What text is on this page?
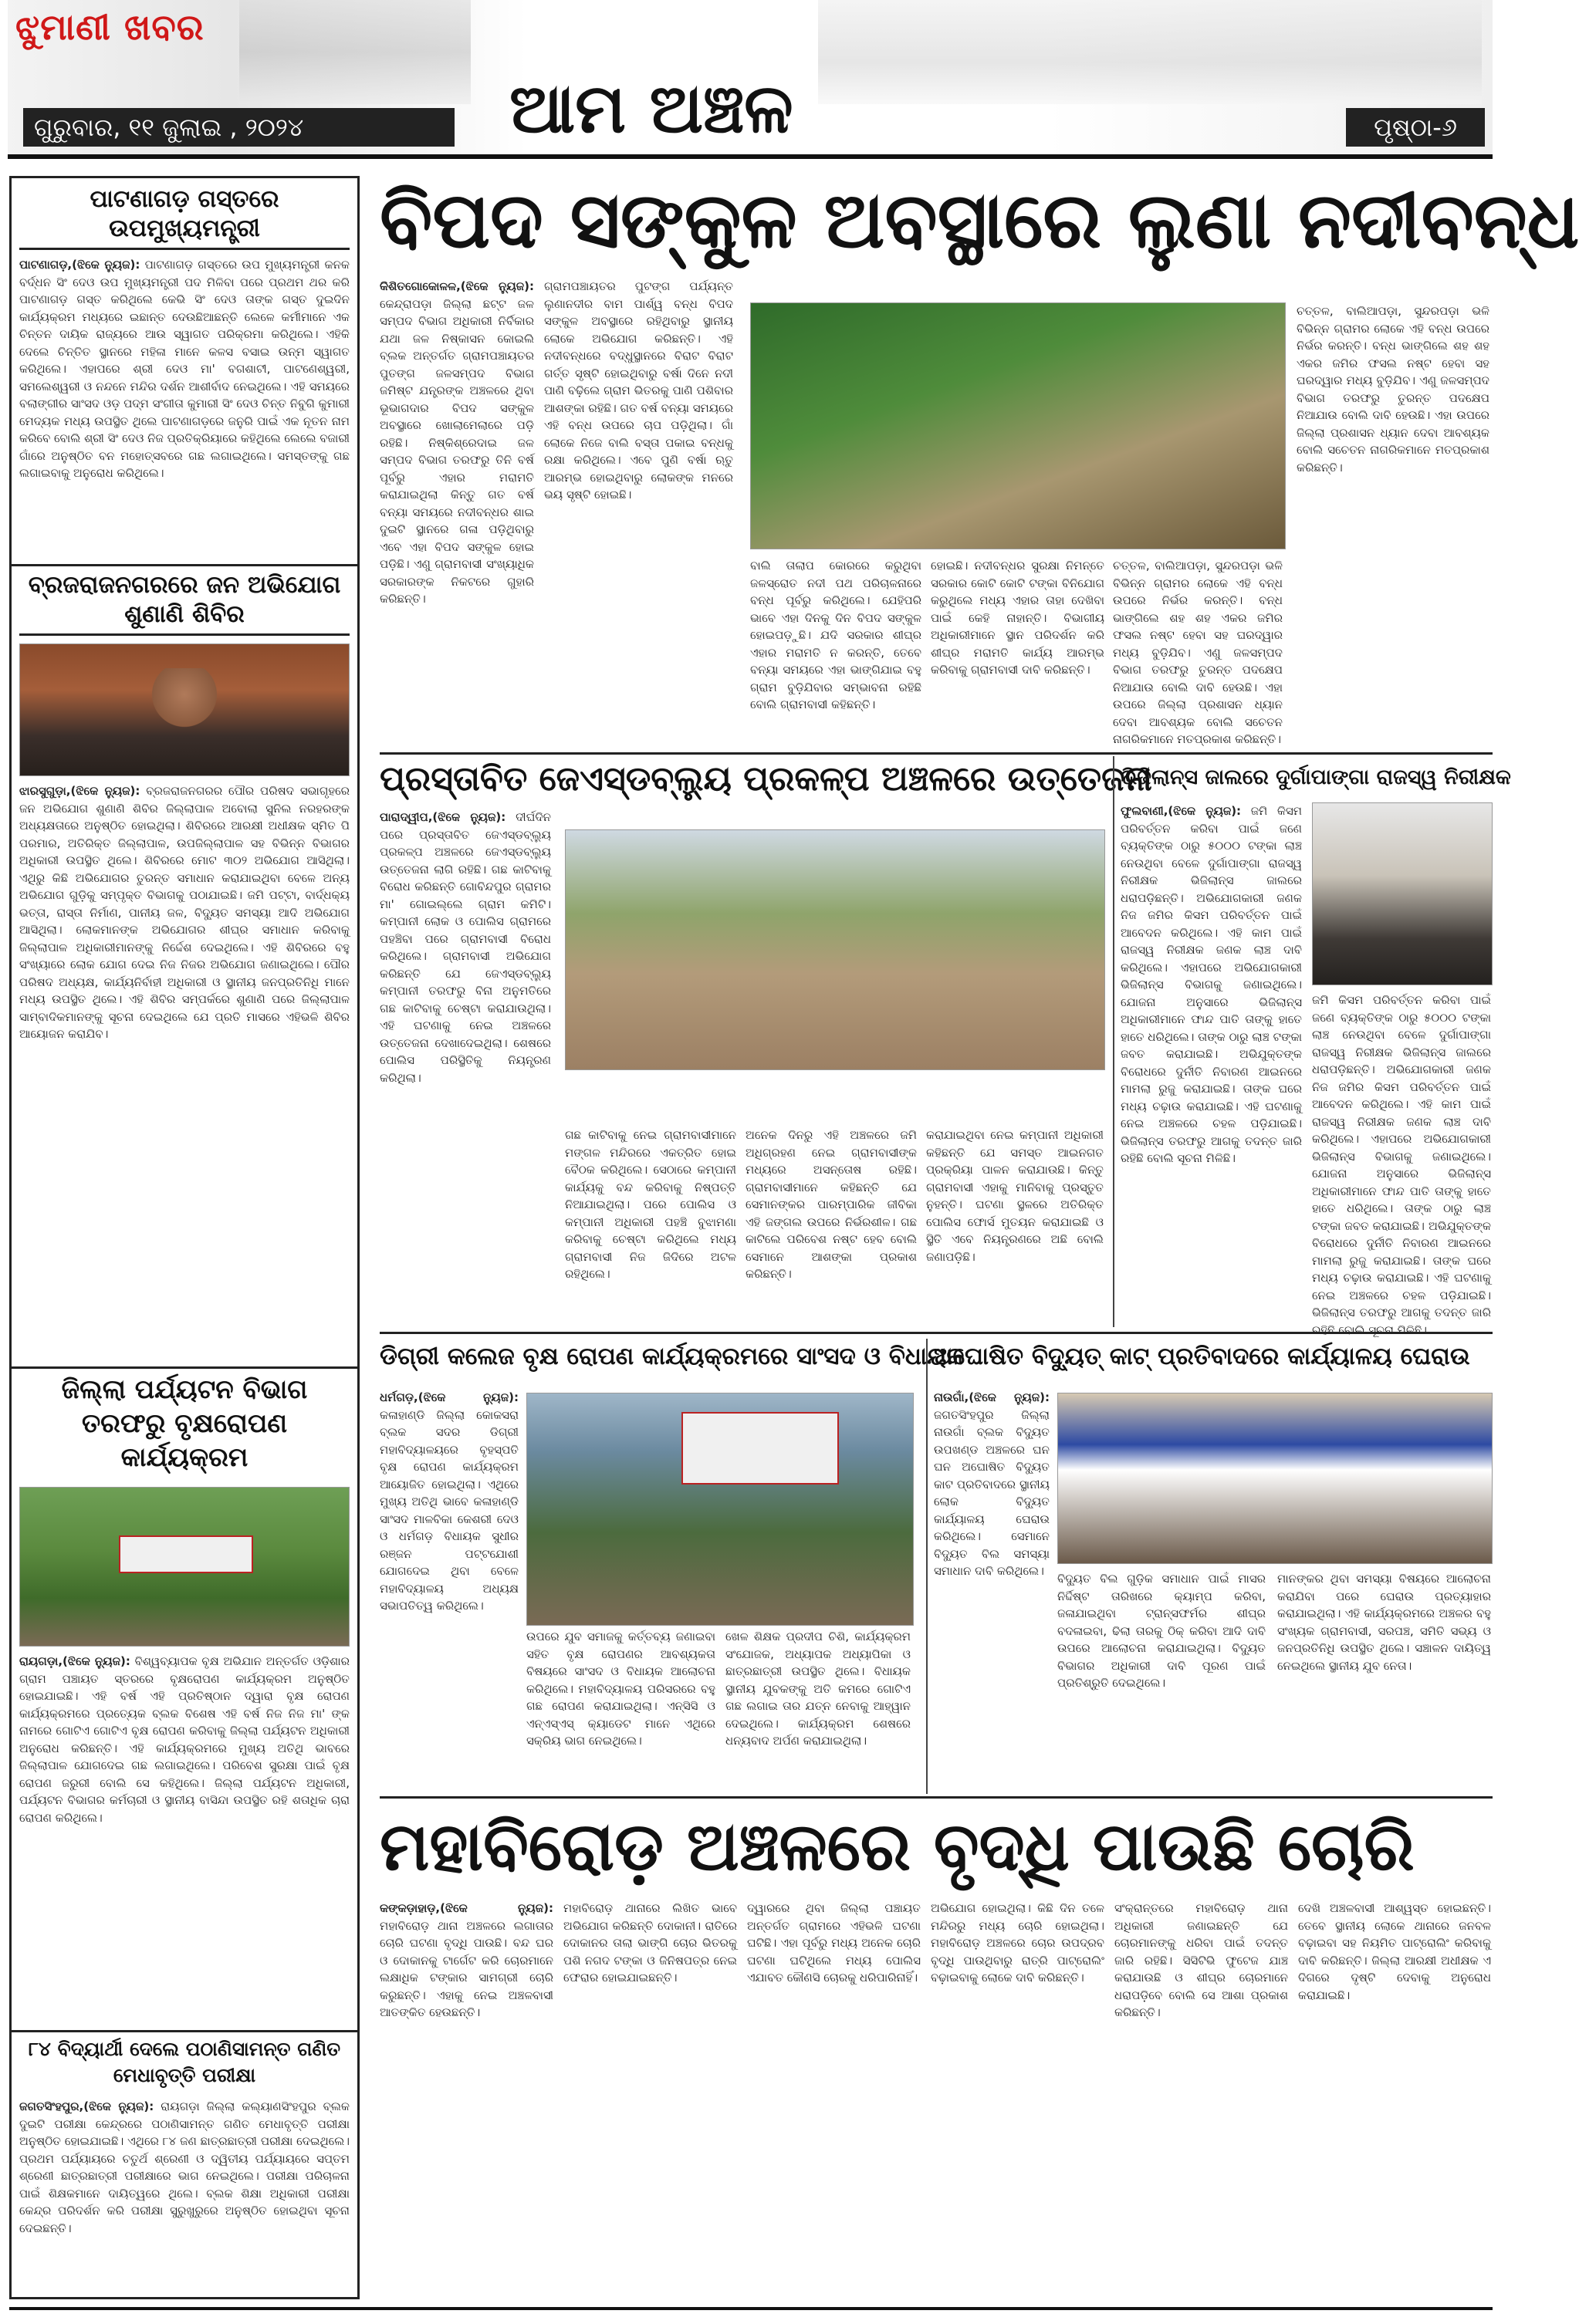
ଝୁମାଣୀ ଖବର
ଆମ ଅଞ୍ଚଳ
ଗୁରୁବାର, ୧୧ ଜୁଲାଇ , ୨୦୨୪	ପୃଷ୍ଠା-୬
ପାଟଣାଗଡ଼ ଗସ୍ତରେ ଉପମୁଖ୍ୟମନ୍ତ୍ରୀ
ପାଟଣାଗଡ଼,(ଝିକେ ନ୍ୟୁଜ): ପାଟଣାଗଡ଼ ଗସ୍ତରେ ଉପ ମୁଖ୍ୟମନ୍ତ୍ରୀ କନକ ବର୍ଦ୍ଧନ ସିଂ ଦେଓ ଉପ ମୁଖ୍ୟମନ୍ତ୍ରୀ ପଦ ମିଳିବା ପରେ ପ୍ରଥମ ଥର କରି ପାଟଣାଗଡ଼ ଗସ୍ତ କରିଥିଲେ କେଭି ସିଂ ଦେଓ ତାଙ୍କ ଗସ୍ତ ଦୁଇଦିନ କାର୍ଯ୍ୟକ୍ରମ ମଧ୍ୟରେ ଇଛାନ୍ତ ଦେଉଛିଆଛନ୍ତି ଲେଳେ କର୍ମୀମାନେ ଏକ ଚିନ୍ତନ ଦାୟିକ ରାଜ୍ୟରେ ଆଉ ସ୍ୱାଗତ ପରିକ୍ରମା କରିଥିଲେ। ଏହିକି ଦେଲେ ଚିନ୍ତିତ ସ୍ଥାନରେ ମହିଳା ମାନେ କଳସ ବସାଇ ଉନ୍ମ ସ୍ୱାଗତ କରିଥିଲେ। ଏହାପରେ ଶ୍ରୀ ଦେଓ ମା' ବଗଶାଟୀ, ପାଟଣେଶ୍ୱରୀ, ସମଲେଶ୍ୱରୀ ଓ ନନ୍ଦନେ ମନ୍ଦିର ଦର୍ଶନ ଆଶୀର୍ବାଦ ନେଇଥିଲେ। ଏହି ସମୟରେ ବଲାଙ୍ଗୀର ସାଂସଦ ଓଡ଼ ପଦ୍ମ ସଂଗୀତା କୁମାରୀ ସିଂ ଦେଓ ଚିନ୍ତ ନିବୁଗି କୁମାରୀ ମେଦ୍ୟକ ମଧ୍ୟ ଉପସ୍ଥିତ ଥିଲେ ପାଟଣାଗଡ଼ରେ ଜନୁରି ପାଇଁ ଏକ ନୂତନ ନାମ କରିବେ ବୋଲି ଶ୍ରୀ ସିଂ ଦେଓ ନିଜ ପ୍ରତିକ୍ରିୟାରେ କହିଥିଲେ ଲେଲେ ବଜାରୀ ଗାଁରେ ଅନୁଷ୍ଠିତ ବନ ମହୋତ୍ସବରେ ଗଛ ଲଗାଇଥିଲେ। ସମସ୍ତଙ୍କୁ ଗଛ ଲଗାଇବାକୁ ଅନୁରୋଧ କରିଥିଲେ।
ବ୍ରଜରାଜନଗରରେ ଜନ ଅଭିଯୋଗ ଶୁଣାଣି ଶିବିର
ଝାରସୁଗୁଡ଼ା,(ଝିକେ ନ୍ୟୁଜ): ବ୍ରଜରାଜନଗରର ପୌର ପରିଷଦ ସଭାଗୃହରେ ଜନ ଅଭିଯୋଗ ଶୁଣାଣି ଶିବିର ଜିଲ୍ଲାପାଳ ଅବୋଲା ସୁନିଲ ନରହରଙ୍କ ଅଧ୍ୟକ୍ଷତାରେ ଅନୁଷ୍ଠିତ ହୋଇଥିଲା। ଶିବିରରେ ଆରକ୍ଷୀ ଅଧୀକ୍ଷକ ସ୍ମିତ ପି ପରମାର, ଅତିରିକ୍ତ ଜିଲ୍ଲାପାଳ, ଉପଜିଲ୍ଲାପାଳ ସହ ବିଭିନ୍ନ ବିଭାଗର ଅଧିକାରୀ ଉପସ୍ଥିତ ଥିଲେ। ଶିବିରରେ ମୋଟ ୩୦୨ ଅଭିଯୋଗ ଆସିଥିଲା। ଏଥିରୁ କିଛି ଅଭିଯୋଗର ତୁରନ୍ତ ସମାଧାନ କରାଯାଇଥିବା ବେଳେ ଅନ୍ୟ ଅଭିଯୋଗ ଗୁଡ଼ିକୁ ସମ୍ପୃକ୍ତ ବିଭାଗକୁ ପଠାଯାଇଛି। ଜମି ପଟ୍ଟା, ବାର୍ଦ୍ଧକ୍ୟ ଭତ୍ତା, ରାସ୍ତା ନିର୍ମାଣ, ପାନୀୟ ଜଳ, ବିଦ୍ୟୁତ ସମସ୍ୟା ଆଦି ଅଭିଯୋଗ ଆସିଥିଲା। ଲୋକମାନଙ୍କ ଅଭିଯୋଗର ଶୀଘ୍ର ସମାଧାନ କରିବାକୁ ଜିଲ୍ଲାପାଳ ଅଧିକାରୀମାନଙ୍କୁ ନିର୍ଦ୍ଦେଶ ଦେଇଥିଲେ। ଏହି ଶିବିରରେ ବହୁ ସଂଖ୍ୟାରେ ଲୋକ ଯୋଗ ଦେଇ ନିଜ ନିଜର ଅଭିଯୋଗ ଜଣାଇଥିଲେ। ପୌର ପରିଷଦ ଅଧ୍ୟକ୍ଷ, କାର୍ଯ୍ୟନିର୍ବାହୀ ଅଧିକାରୀ ଓ ସ୍ଥାନୀୟ ଜନପ୍ରତିନିଧି ମାନେ ମଧ୍ୟ ଉପସ୍ଥିତ ଥିଲେ। ଏହି ଶିବିର ସମ୍ପର୍କରେ ଶୁଣାଣି ପରେ ଜିଲ୍ଲାପାଳ ସାମ୍ବାଦିକମାନଙ୍କୁ ସୂଚନା ଦେଇଥିଲେ ଯେ ପ୍ରତି ମାସରେ ଏହିଭଳି ଶିବିର ଆୟୋଜନ କରାଯିବ।
ଜିଲ୍ଲା ପର୍ଯ୍ୟଟନ ବିଭାଗ ତରଫରୁ ବୃକ୍ଷରୋପଣ କାର୍ଯ୍ୟକ୍ରମ
ରାୟଗଡ଼ା,(ଝିକେ ନ୍ୟୁଜ): ବିଶ୍ୱବ୍ୟାପକ ବୃକ୍ଷ ଅଭିଯାନ ଅନ୍ତର୍ଗତ ଓଡ଼ିଶାର ଗ୍ରାମ ପଞ୍ଚାୟତ ସ୍ତରରେ ବୃକ୍ଷରୋପଣ କାର୍ଯ୍ୟକ୍ରମ ଅନୁଷ୍ଠିତ ହୋଇଯାଇଛି। ଏହି ବର୍ଷ ଏହି ପ୍ରତିଷ୍ଠାନ ଦ୍ୱାରା ବୃକ୍ଷ ରୋପଣ କାର୍ଯ୍ୟକ୍ରମରେ ପ୍ରତ୍ୟେକ ବ୍ଲକ ବିଶେଷ ଏହି ବର୍ଷ ନିଜ ନିଜ ମା' ଙ୍କ ନାମରେ ଗୋଟିଏ ଗୋଟିଏ ବୃକ୍ଷ ରୋପଣ କରିବାକୁ ଜିଲ୍ଲା ପର୍ଯ୍ୟଟନ ଅଧିକାରୀ ଅନୁରୋଧ କରିଛନ୍ତି। ଏହି କାର୍ଯ୍ୟକ୍ରମରେ ମୁଖ୍ୟ ଅତିଥି ଭାବରେ ଜିଲ୍ଲାପାଳ ଯୋଗଦେଇ ଗଛ ଲଗାଇଥିଲେ। ପରିବେଶ ସୁରକ୍ଷା ପାଇଁ ବୃକ୍ଷ ରୋପଣ ଜରୁରୀ ବୋଲି ସେ କହିଥିଲେ। ଜିଲ୍ଲା ପର୍ଯ୍ୟଟନ ଅଧିକାରୀ, ପର୍ଯ୍ୟଟନ ବିଭାଗର କର୍ମଚାରୀ ଓ ସ୍ଥାନୀୟ ବାସିନ୍ଦା ଉପସ୍ଥିତ ରହି ଶତାଧିକ ଚାରା ରୋପଣ କରିଥିଲେ।
୮୪ ବିଦ୍ୟାର୍ଥୀ ଦେଲେ ପଠାଣିସାମନ୍ତ ଗଣିତ ମେଧାବୃତ୍ତି ପରୀକ୍ଷା
ଜଗତସିଂହପୁର,(ଝିକେ ନ୍ୟୁଜ): ରାୟଗଡ଼ା ଜିଲ୍ଲା କଲ୍ୟାଣସିଂହପୁର ବ୍ଲକ ଦୁଇଟି ପରୀକ୍ଷା କେନ୍ଦ୍ରରେ ପଠାଣିସାମନ୍ତ ଗଣିତ ମେଧାବୃତ୍ତି ପରୀକ୍ଷା ଅନୁଷ୍ଠିତ ହୋଇଯାଇଛି। ଏଥିରେ ୮୪ ଜଣ ଛାତ୍ରଛାତ୍ରୀ ପରୀକ୍ଷା ଦେଇଥିଲେ। ପ୍ରଥମ ପର୍ଯ୍ୟାୟରେ ଚତୁର୍ଥ ଶ୍ରେଣୀ ଓ ଦ୍ୱିତୀୟ ପର୍ଯ୍ୟାୟରେ ସପ୍ତମ ଶ୍ରେଣୀ ଛାତ୍ରଛାତ୍ରୀ ପରୀକ୍ଷାରେ ଭାଗ ନେଇଥିଲେ। ପରୀକ୍ଷା ପରିଚାଳନା ପାଇଁ ଶିକ୍ଷକମାନେ ଦାୟିତ୍ୱରେ ଥିଲେ। ବ୍ଲକ ଶିକ୍ଷା ଅଧିକାରୀ ପରୀକ୍ଷା କେନ୍ଦ୍ର ପରିଦର୍ଶନ କରି ପରୀକ୍ଷା ସୁରୁଖୁରୁରେ ଅନୁଷ୍ଠିତ ହୋଇଥିବା ସୂଚନା ଦେଇଛନ୍ତି।
ବିପଦ ସଙ୍କୁଳ ଅବସ୍ଥାରେ ଲୁଣା ନଦୀବନ୍ଧ
କିଶିତଗୋକୋଳଳ,(ଝିକେ ନ୍ୟୁଜ): କେନ୍ଦ୍ରାପଡ଼ା ଜିଲ୍ଲା ଛଟ୍ଟ ଜଳ ସମ୍ପଦ ବିଭାଗ ଅଧିକାରୀ ନିର୍ବିକାର ଯଥା ଜଳ ନିଷ୍କାସନ କୋଇଲି ବ୍ଲକ ଅନ୍ତର୍ଗତ ଗ୍ରାମପଞ୍ଚାୟତର ପୁତଙ୍ଗ ଜଳସମ୍ପଦ ବିଭାଗ ଜମିଷ୍ଟ ଯନ୍ତ୍ରଙ୍କ ଅଞ୍ଚଳରେ ଥିବା ଭୂଭାଗଦାର ବିପଦ ସଙ୍କୁଳ ଅବସ୍ଥାରେ ଖୋଲାମେଲାରେ ପଡ଼ି ରହିଛି। ନିଷ୍କିଶ୍ରେଦାଇ ଜଳ ସମ୍ପଦ ବିଭାଗ ତରଫରୁ ତିନି ବର୍ଷ ପୂର୍ବରୁ ଏହାର ମରାମତି କରାଯାଇଥିଲା କିନ୍ତୁ ଗତ ବର୍ଷ ବନ୍ୟା ସମୟରେ ନଦୀବନ୍ଧର ଶାଇ ଦୁଇଟି ସ୍ଥାନରେ ଗଳା ପଡ଼ିଥିବାରୁ ଏବେ ଏହା ବିପଦ ସଙ୍କୁଳ ହୋଇ ପଡ଼ିଛି। ଏଣୁ ଗ୍ରାମବାସୀ ସଂଖ୍ୟାଧିକ ସରକାରଙ୍କ ନିକଟରେ ଗୁହାରି କରିଛନ୍ତି।
ଗ୍ରାମପଞ୍ଚାୟତର ପୁଟଙ୍ଗ ପର୍ଯ୍ୟନ୍ତ ଲୁଣାନଦୀର ବାମ ପାର୍ଶ୍ୱ ବନ୍ଧ ବିପଦ ସଙ୍କୁଳ ଅବସ୍ଥାରେ ରହିଥିବାରୁ ସ୍ଥାନୀୟ ଲୋକେ ଅଭିଯୋଗ କରିଛନ୍ତି। ଏହି ନଦୀବନ୍ଧରେ ବଦ୍ଧୁସ୍ଥାନରେ ବିରାଟ ବିରାଟ ଗର୍ତ୍ତ ସୃଷ୍ଟି ହୋଇଥିବାରୁ ବର୍ଷା ଦିନେ ନଦୀ ପାଣି ବଢ଼ିଲେ ଗ୍ରାମ ଭିତରକୁ ପାଣି ପଶିବାର ଆଶଙ୍କା ରହିଛି। ଗତ ବର୍ଷ ବନ୍ୟା ସମୟରେ ଏହି ବନ୍ଧ ଉପରେ ଚାପ ପଡ଼ିଥିଲା। ଗାଁ ଲୋକେ ନିଜେ ବାଲି ବସ୍ତା ପକାଇ ବନ୍ଧକୁ ରକ୍ଷା କରିଥିଲେ। ଏବେ ପୁଣି ବର୍ଷା ଋତୁ ଆରମ୍ଭ ହୋଇଥିବାରୁ ଲୋକଙ୍କ ମନରେ ଭୟ ସୃଷ୍ଟି ହୋଇଛି।
ବାଲି ତାଲାପ କୋରରେ କରୁଥିବା ଜଳସ୍ରୋତ ନଦୀ ପଥ ପରିଚାଳନାରେ ବନ୍ଧ ପୂର୍ବରୁ କରିଥିଲେ। ଯେହିପରି ଭାବେ ଏହା ଦିନକୁ ଦିନ ବିପଦ ସଙ୍କୁଳ ହୋଇପଡ଼ୁଛି। ଯଦି ସରକାର ଶୀଘ୍ର ଏହାର ମରାମତି ନ କରନ୍ତି, ତେବେ ବନ୍ୟା ସମୟରେ ଏହା ଭାଙ୍ଗିଯାଇ ବହୁ ଗ୍ରାମ ବୁଡ଼ିଯିବାର ସମ୍ଭାବନା ରହିଛି ବୋଲି ଗ୍ରାମବାସୀ କହିଛନ୍ତି।
ହୋଇଛି। ନଦୀବନ୍ଧର ସୁରକ୍ଷା ନିମନ୍ତେ ସରକାର କୋଟି କୋଟି ଟଙ୍କା ବିନିଯୋଗ କରୁଥିଲେ ମଧ୍ୟ ଏହାର ତାହା ଦେଖିବା ପାଇଁ କେହି ନାହାନ୍ତି। ବିଭାଗୀୟ ଅଧିକାରୀମାନେ ସ୍ଥାନ ପରିଦର୍ଶନ କରି ଶୀଘ୍ର ମରାମତି କାର୍ଯ୍ୟ ଆରମ୍ଭ କରିବାକୁ ଗ୍ରାମବାସୀ ଦାବି କରିଛନ୍ତି।
ଚତ୍ତଳ, ବାଲିଆପଡ଼ା, ସୁନ୍ଦରପଡ଼ା ଭଳି ବିଭିନ୍ନ ଗ୍ରାମର ଲୋକେ ଏହି ବନ୍ଧ ଉପରେ ନିର୍ଭର କରନ୍ତି। ବନ୍ଧ ଭାଙ୍ଗିଲେ ଶହ ଶହ ଏକର ଜମିର ଫସଲ ନଷ୍ଟ ହେବା ସହ ଘରଦ୍ୱାର ମଧ୍ୟ ବୁଡ଼ିଯିବ। ଏଣୁ ଜଳସମ୍ପଦ ବିଭାଗ ତରଫରୁ ତୁରନ୍ତ ପଦକ୍ଷେପ ନିଆଯାଉ ବୋଲି ଦାବି ହେଉଛି। ଏହା ଉପରେ ଜିଲ୍ଲା ପ୍ରଶାସନ ଧ୍ୟାନ ଦେବା ଆବଶ୍ୟକ ବୋଲି ସଚେତନ ନାଗରିକମାନେ ମତପ୍ରକାଶ କରିଛନ୍ତି।
ଚତ୍ତଳ, ବାଲିଆପଡ଼ା, ସୁନ୍ଦରପଡ଼ା ଭଳି ବିଭିନ୍ନ ଗ୍ରାମର ଲୋକେ ଏହି ବନ୍ଧ ଉପରେ ନିର୍ଭର କରନ୍ତି। ବନ୍ଧ ଭାଙ୍ଗିଲେ ଶହ ଶହ ଏକର ଜମିର ଫସଲ ନଷ୍ଟ ହେବା ସହ ଘରଦ୍ୱାର ମଧ୍ୟ ବୁଡ଼ିଯିବ। ଏଣୁ ଜଳସମ୍ପଦ ବିଭାଗ ତରଫରୁ ତୁରନ୍ତ ପଦକ୍ଷେପ ନିଆଯାଉ ବୋଲି ଦାବି ହେଉଛି। ଏହା ଉପରେ ଜିଲ୍ଲା ପ୍ରଶାସନ ଧ୍ୟାନ ଦେବା ଆବଶ୍ୟକ ବୋଲି ସଚେତନ ନାଗରିକମାନେ ମତପ୍ରକାଶ କରିଛନ୍ତି।
ପ୍ରସ୍ତାବିତ ଜେଏସ୍‌ଡବ୍ଲ୍ୟୁ ପ୍ରକଳ୍ପ ଅଞ୍ଚଳରେ ଉତ୍ତେଜନା
ପାରାଦ୍ୱୀପ,(ଝିକେ ନ୍ୟୁଜ): ଦୀର୍ଘଦିନ ପରେ ପ୍ରସ୍ତାବିତ ଜେଏସ୍‌ଡବ୍ଲ୍ୟୁ ପ୍ରକଳ୍ପ ଅଞ୍ଚଳରେ ଜେଏସ୍‌ଡବ୍ଲ୍ୟୁ ଉତ୍ତେଜନା ଲାଗି ରହିଛି। ଗଛ କାଟିବାକୁ ବିରୋଧ କରିଛନ୍ତି ଗୋବିନ୍ଦପୁର ଗ୍ରାମର ମା' ଗୋଇଲ୍‌ଲେ ଗ୍ରାମ କମିଟି। କମ୍ପାନୀ ଲୋକ ଓ ପୋଲିସ ଗ୍ରାମରେ ପହଞ୍ଚିବା ପରେ ଗ୍ରାମବାସୀ ବିରୋଧ କରିଥିଲେ। ଗ୍ରାମବାସୀ ଅଭିଯୋଗ କରିଛନ୍ତି ଯେ ଜେଏସ୍‌ଡବ୍ଲ୍ୟୁ କମ୍ପାନୀ ତରଫରୁ ବିନା ଅନୁମତିରେ ଗଛ କାଟିବାକୁ ଚେଷ୍ଟା କରାଯାଉଥିଲା। ଏହି ଘଟଣାକୁ ନେଇ ଅଞ୍ଚଳରେ ଉତ୍ତେଜନା ଦେଖାଦେଇଥିଲା। ଶେଷରେ ପୋଲିସ ପରିସ୍ଥିତିକୁ ନିୟନ୍ତ୍ରଣ କରିଥିଲା।
ଗଛ କାଟିବାକୁ ନେଇ ଗ୍ରାମବାସୀମାନେ ମଙ୍ଗଳ ମନ୍ଦିରରେ ଏକତ୍ରିତ ହୋଇ ବୈଠକ କରିଥିଲେ। ସେଠାରେ କମ୍ପାନୀ କାର୍ଯ୍ୟକୁ ବନ୍ଦ କରିବାକୁ ନିଷ୍ପତ୍ତି ନିଆଯାଇଥିଲା। ପରେ ପୋଲିସ ଓ କମ୍ପାନୀ ଅଧିକାରୀ ପହଞ୍ଚି ବୁଝାମଣା କରିବାକୁ ଚେଷ୍ଟା କରିଥିଲେ ମଧ୍ୟ ଗ୍ରାମବାସୀ ନିଜ ଜିଦିରେ ଅଟଳ ରହିଥିଲେ।
ଅନେକ ଦିନରୁ ଏହି ଅଞ୍ଚଳରେ ଜମି ଅଧିଗ୍ରହଣ ନେଇ ଗ୍ରାମବାସୀଙ୍କ ମଧ୍ୟରେ ଅସନ୍ତୋଷ ରହିଛି। ଗ୍ରାମବାସୀମାନେ କହିଛନ୍ତି ଯେ ସେମାନଙ୍କର ପାରମ୍ପାରିକ ଜୀବିକା ଏହି ଜଙ୍ଗଲ ଉପରେ ନିର୍ଭରଶୀଳ। ଗଛ କାଟିଲେ ପରିବେଶ ନଷ୍ଟ ହେବ ବୋଲି ସେମାନେ ଆଶଙ୍କା ପ୍ରକାଶ କରିଛନ୍ତି।
କରାଯାଇଥିବା ନେଇ କମ୍ପାନୀ ଅଧିକାରୀ କହିଛନ୍ତି ଯେ ସମସ୍ତ ଆଇନଗତ ପ୍ରକ୍ରିୟା ପାଳନ କରାଯାଉଛି। କିନ୍ତୁ ଗ୍ରାମବାସୀ ଏହାକୁ ମାନିବାକୁ ପ୍ରସ୍ତୁତ ନୁହନ୍ତି। ଘଟଣା ସ୍ଥଳରେ ଅତିରିକ୍ତ ପୋଲିସ ଫୋର୍ସ ମୁତୟନ କରାଯାଇଛି ଓ ସ୍ଥିତି ଏବେ ନିୟନ୍ତ୍ରଣରେ ଅଛି ବୋଲି ଜଣାପଡ଼ିଛି।
ଭିଜିଲାନ୍ସ ଜାଲରେ ଦୁର୍ଗାପାଙ୍ଗା ରାଜସ୍ୱ ନିରୀକ୍ଷକ
ଫୁଲବାଣୀ,(ଝିକେ ନ୍ୟୁଜ): ଜମି କିସମ ପରିବର୍ତ୍ତନ କରିବା ପାଇଁ ଜଣେ ବ୍ୟକ୍ତିଙ୍କ ଠାରୁ ୫୦୦୦ ଟଙ୍କା ଲାଞ୍ଚ ନେଉଥିବା ବେଳେ ଦୁର୍ଗାପାଙ୍ଗା ରାଜସ୍ୱ ନିରୀକ୍ଷକ ଭିଜିଲାନ୍ସ ଜାଲରେ ଧରାପଡ଼ିଛନ୍ତି। ଅଭିଯୋଗକାରୀ ଜଣକ ନିଜ ଜମିର କିସମ ପରିବର୍ତ୍ତନ ପାଇଁ ଆବେଦନ କରିଥିଲେ। ଏହି କାମ ପାଇଁ ରାଜସ୍ୱ ନିରୀକ୍ଷକ ଜଣକ ଲାଞ୍ଚ ଦାବି କରିଥିଲେ। ଏହାପରେ ଅଭିଯୋଗକାରୀ ଭିଜିଲାନ୍ସ ବିଭାଗକୁ ଜଣାଇଥିଲେ। ଯୋଜନା ଅନୁସାରେ ଭିଜିଲାନ୍ସ ଅଧିକାରୀମାନେ ଫାନ୍ଦ ପାତି ତାଙ୍କୁ ହାତେ ହାତେ ଧରିଥିଲେ। ତାଙ୍କ ଠାରୁ ଲାଞ୍ଚ ଟଙ୍କା ଜବତ କରାଯାଇଛି। ଅଭିଯୁକ୍ତଙ୍କ ବିରୋଧରେ ଦୁର୍ନୀତି ନିବାରଣ ଆଇନରେ ମାମଲା ରୁଜୁ କରାଯାଇଛି। ତାଙ୍କ ଘରେ ମଧ୍ୟ ଚଢ଼ାଉ କରାଯାଇଛି। ଏହି ଘଟଣାକୁ ନେଇ ଅଞ୍ଚଳରେ ଚହଳ ପଡ଼ିଯାଇଛି। ଭିଜିଲାନ୍ସ ତରଫରୁ ଆଗକୁ ତଦନ୍ତ ଜାରି ରହିଛି ବୋଲି ସୂଚନା ମିଳିଛି।
ଜମି କିସମ ପରିବର୍ତ୍ତନ କରିବା ପାଇଁ ଜଣେ ବ୍ୟକ୍ତିଙ୍କ ଠାରୁ ୫୦୦୦ ଟଙ୍କା ଲାଞ୍ଚ ନେଉଥିବା ବେଳେ ଦୁର୍ଗାପାଙ୍ଗା ରାଜସ୍ୱ ନିରୀକ୍ଷକ ଭିଜିଲାନ୍ସ ଜାଲରେ ଧରାପଡ଼ିଛନ୍ତି। ଅଭିଯୋଗକାରୀ ଜଣକ ନିଜ ଜମିର କିସମ ପରିବର୍ତ୍ତନ ପାଇଁ ଆବେଦନ କରିଥିଲେ। ଏହି କାମ ପାଇଁ ରାଜସ୍ୱ ନିରୀକ୍ଷକ ଜଣକ ଲାଞ୍ଚ ଦାବି କରିଥିଲେ। ଏହାପରେ ଅଭିଯୋଗକାରୀ ଭିଜିଲାନ୍ସ ବିଭାଗକୁ ଜଣାଇଥିଲେ। ଯୋଜନା ଅନୁସାରେ ଭିଜିଲାନ୍ସ ଅଧିକାରୀମାନେ ଫାନ୍ଦ ପାତି ତାଙ୍କୁ ହାତେ ହାତେ ଧରିଥିଲେ। ତାଙ୍କ ଠାରୁ ଲାଞ୍ଚ ଟଙ୍କା ଜବତ କରାଯାଇଛି। ଅଭିଯୁକ୍ତଙ୍କ ବିରୋଧରେ ଦୁର୍ନୀତି ନିବାରଣ ଆଇନରେ ମାମଲା ରୁଜୁ କରାଯାଇଛି। ତାଙ୍କ ଘରେ ମଧ୍ୟ ଚଢ଼ାଉ କରାଯାଇଛି। ଏହି ଘଟଣାକୁ ନେଇ ଅଞ୍ଚଳରେ ଚହଳ ପଡ଼ିଯାଇଛି। ଭିଜିଲାନ୍ସ ତରଫରୁ ଆଗକୁ ତଦନ୍ତ ଜାରି ରହିଛି ବୋଲି ସୂଚନା ମିଳିଛି।
ଡିଗ୍ରୀ କଲେଜ ବୃକ୍ଷ ରୋପଣ କାର୍ଯ୍ୟକ୍ରମରେ ସାଂସଦ ଓ ବିଧାୟକ
ଧର୍ମଗଡ଼,(ଝିକେ ନ୍ୟୁଜ): କଳାହାଣ୍ଡି ଜିଲ୍ଲା କୋକସରା ବ୍ଲକ ସଦର ଡିଗ୍ରୀ ମହାବିଦ୍ୟାଳୟରେ ବୃହସ୍ପତି ବୃକ୍ଷ ରୋପଣ କାର୍ଯ୍ୟକ୍ରମ ଆୟୋଜିତ ହୋଇଥିଲା। ଏଥିରେ ମୁଖ୍ୟ ଅତିଥି ଭାବେ କଳାହାଣ୍ଡି ସାଂସଦ ମାଳବିକା କେଶରୀ ଦେଓ ଓ ଧର୍ମଗଡ଼ ବିଧାୟକ ସୁଧୀର ରଞ୍ଜନ ପଟ୍ଟଯୋଶୀ ଯୋଗଦେଇ ଥିବା ବେଳେ ମହାବିଦ୍ୟାଳୟ ଅଧ୍ୟକ୍ଷ ସଭାପତିତ୍ୱ କରିଥିଲେ।
ଉପରେ ଯୁବ ସମାଜକୁ କର୍ତ୍ତବ୍ୟ ଜଣାଇବା ସହିତ ବୃକ୍ଷ ରୋପଣର ଆବଶ୍ୟକତା ବିଷୟରେ ସାଂସଦ ଓ ବିଧାୟକ ଆଲୋଚନା କରିଥିଲେ। ମହାବିଦ୍ୟାଳୟ ପରିସରରେ ବହୁ ଗଛ ରୋପଣ କରାଯାଇଥିଲା। ଏନ୍‌ସିସି ଓ ଏନ୍‌ଏସ୍‌ଏସ୍ କ୍ୟାଡେଟ ମାନେ ଏଥିରେ ସକ୍ରିୟ ଭାଗ ନେଇଥିଲେ।
ଖେଳ ଶିକ୍ଷକ ପ୍ରଦୀପ ଚିଶି, କାର୍ଯ୍ୟକ୍ରମ ସଂଯୋଜକ, ଅଧ୍ୟାପକ ଅଧ୍ୟାପିକା ଓ ଛାତ୍ରଛାତ୍ରୀ ଉପସ୍ଥିତ ଥିଲେ। ବିଧାୟକ ସ୍ଥାନୀୟ ଯୁବକଙ୍କୁ ଅତି କମରେ ଗୋଟିଏ ଗଛ ଲଗାଇ ତାର ଯତ୍ନ ନେବାକୁ ଆହ୍ୱାନ ଦେଇଥିଲେ। କାର୍ଯ୍ୟକ୍ରମ ଶେଷରେ ଧନ୍ୟବାଦ ଅର୍ପଣ କରାଯାଇଥିଲା।
ଅଘୋଷିତ ବିଦ୍ୟୁତ୍ କାଟ୍ ପ୍ରତିବାଦରେ କାର୍ଯ୍ୟାଳୟ ଘେରାଉ
ନାଉଗାଁ,(ଝିକେ ନ୍ୟୁଜ): ଜଗତସିଂହପୁର ଜିଲ୍ଲା ନାଉଗାଁ ବ୍ଲକ ବିଦ୍ୟୁତ ଉପଖଣ୍ଡ ଅଞ୍ଚଳରେ ଘନ ଘନ ଅଘୋଷିତ ବିଦ୍ୟୁତ କାଟ ପ୍ରତିବାଦରେ ସ୍ଥାନୀୟ ଲୋକ ବିଦ୍ୟୁତ କାର୍ଯ୍ୟାଳୟ ଘେରାଉ କରିଥିଲେ। ସେମାନେ ବିଦ୍ୟୁତ ବିଲ ସମସ୍ୟା ସମାଧାନ ଦାବି କରିଥିଲେ।
ବିଦ୍ୟୁତ ବିଲ ଗୁଡ଼ିକ ସମାଧାନ ପାଇଁ ମାସର ନିର୍ଦ୍ଦିଷ୍ଟ ତାରିଖରେ କ୍ୟାମ୍ପ କରିବା, ଜଳାଯାଇଥିବା ଟ୍ରାନ୍ସଫର୍ମର ଶୀଘ୍ର ବଦଳାଇବା, ଢିଲା ତାରକୁ ଠିକ୍ କରିବା ଆଦି ଦାବି ଉପରେ ଆଲୋଚନା କରାଯାଇଥିଲା। ବିଦ୍ୟୁତ ବିଭାଗର ଅଧିକାରୀ ଦାବି ପୂରଣ ପାଇଁ ପ୍ରତିଶ୍ରୁତି ଦେଇଥିଲେ।
ମାନଙ୍କର ଥିବା ସମସ୍ୟା ବିଷୟରେ ଆଲୋଚନା କରାଯିବା ପରେ ଘେରାଉ ପ୍ରତ୍ୟାହାର କରାଯାଇଥିଲା। ଏହି କାର୍ଯ୍ୟକ୍ରମରେ ଅଞ୍ଚଳର ବହୁ ସଂଖ୍ୟକ ଗ୍ରାମବାସୀ, ସରପଞ୍ଚ, ସମିତି ସଭ୍ୟ ଓ ଜନପ୍ରତିନିଧି ଉପସ୍ଥିତ ଥିଲେ। ସଞ୍ଚାଳନ ଦାୟିତ୍ୱ ନେଇଥିଲେ ସ୍ଥାନୀୟ ଯୁବ ନେତା।
ମହାବିରୋଡ଼ ଅଞ୍ଚଳରେ ବୃଦ୍ଧି ପାଉଛି ଚୋରି
କଙ୍କଡ଼ାହାଡ଼,(ଝିକେ ନ୍ୟୁଜ): ମହାବିରୋଡ଼ ଥାନା ଅଞ୍ଚଳରେ ଲଗାତାର ଚୋରି ଘଟଣା ବୃଦ୍ଧି ପାଉଛି। ବନ୍ଦ ଘର ଓ ଦୋକାନକୁ ଟାର୍ଗେଟ କରି ଚୋରମାନେ ଲକ୍ଷାଧିକ ଟଙ୍କାର ସାମଗ୍ରୀ ଚୋରି କରୁଛନ୍ତି। ଏହାକୁ ନେଇ ଅଞ୍ଚଳବାସୀ ଆତଙ୍କିତ ହେଉଛନ୍ତି।
ମହାବିରୋଡ଼ ଥାନାରେ ଲିଖିତ ଭାବେ ଅଭିଯୋଗ କରିଛନ୍ତି ଦୋକାନୀ। ରାତିରେ ଦୋକାନର ତାଲା ଭାଙ୍ଗି ଚୋର ଭିତରକୁ ପଶି ନଗଦ ଟଙ୍କା ଓ ଜିନିଷପତ୍ର ନେଇ ଫେରାର ହୋଇଯାଇଛନ୍ତି।
ଦ୍ୱାରରେ ଥିବା ଜିଲ୍ଲା ପଞ୍ଚାୟତ ଅନ୍ତର୍ଗତ ଗ୍ରାମରେ ଏହିଭଳି ଘଟଣା ଘଟିଛି। ଏହା ପୂର୍ବରୁ ମଧ୍ୟ ଅନେକ ଚୋରି ଘଟଣା ଘଟିଥିଲେ ମଧ୍ୟ ପୋଲିସ ଏଯାବତ କୌଣସି ଚୋରକୁ ଧରିପାରିନାହିଁ।
ଅଭିଯୋଗ ହୋଇଥିଲା। କିଛି ଦିନ ତଳେ ମନ୍ଦିରରୁ ମଧ୍ୟ ଚୋରି ହୋଇଥିଲା। ମହାବିରୋଡ଼ ଅଞ୍ଚଳରେ ଚୋର ଉପଦ୍ରବ ବୃଦ୍ଧି ପାଉଥିବାରୁ ରାତ୍ରି ପାଟ୍ରୋଲିଂ ବଢ଼ାଇବାକୁ ଲୋକେ ଦାବି କରିଛନ୍ତି।
ସଂକ୍ରାନ୍ତରେ ମହାବିରୋଡ଼ ଥାନା ଅଧିକାରୀ ଜଣାଇଛନ୍ତି ଯେ ଚୋରମାନଙ୍କୁ ଧରିବା ପାଇଁ ତଦନ୍ତ ଜାରି ରହିଛି। ସିସିଟିଭି ଫୁଟେଜ ଯାଞ୍ଚ କରାଯାଉଛି ଓ ଶୀଘ୍ର ଚୋରମାନେ ଧରାପଡ଼ିବେ ବୋଲି ସେ ଆଶା ପ୍ରକାଶ କରିଛନ୍ତି।
ଦେଖି ଅଞ୍ଚଳବାସୀ ଆଶ୍ୱସ୍ତ ହୋଇଛନ୍ତି। ତେବେ ସ୍ଥାନୀୟ ଲୋକେ ଥାନାରେ ଜନବଳ ବଢ଼ାଇବା ସହ ନିୟମିତ ପାଟ୍ରୋଲିଂ କରିବାକୁ ଦାବି କରିଛନ୍ତି। ଜିଲ୍ଲା ଆରକ୍ଷୀ ଅଧୀକ୍ଷକ ଏ ଦିଗରେ ଦୃଷ୍ଟି ଦେବାକୁ ଅନୁରୋଧ କରାଯାଇଛି।
